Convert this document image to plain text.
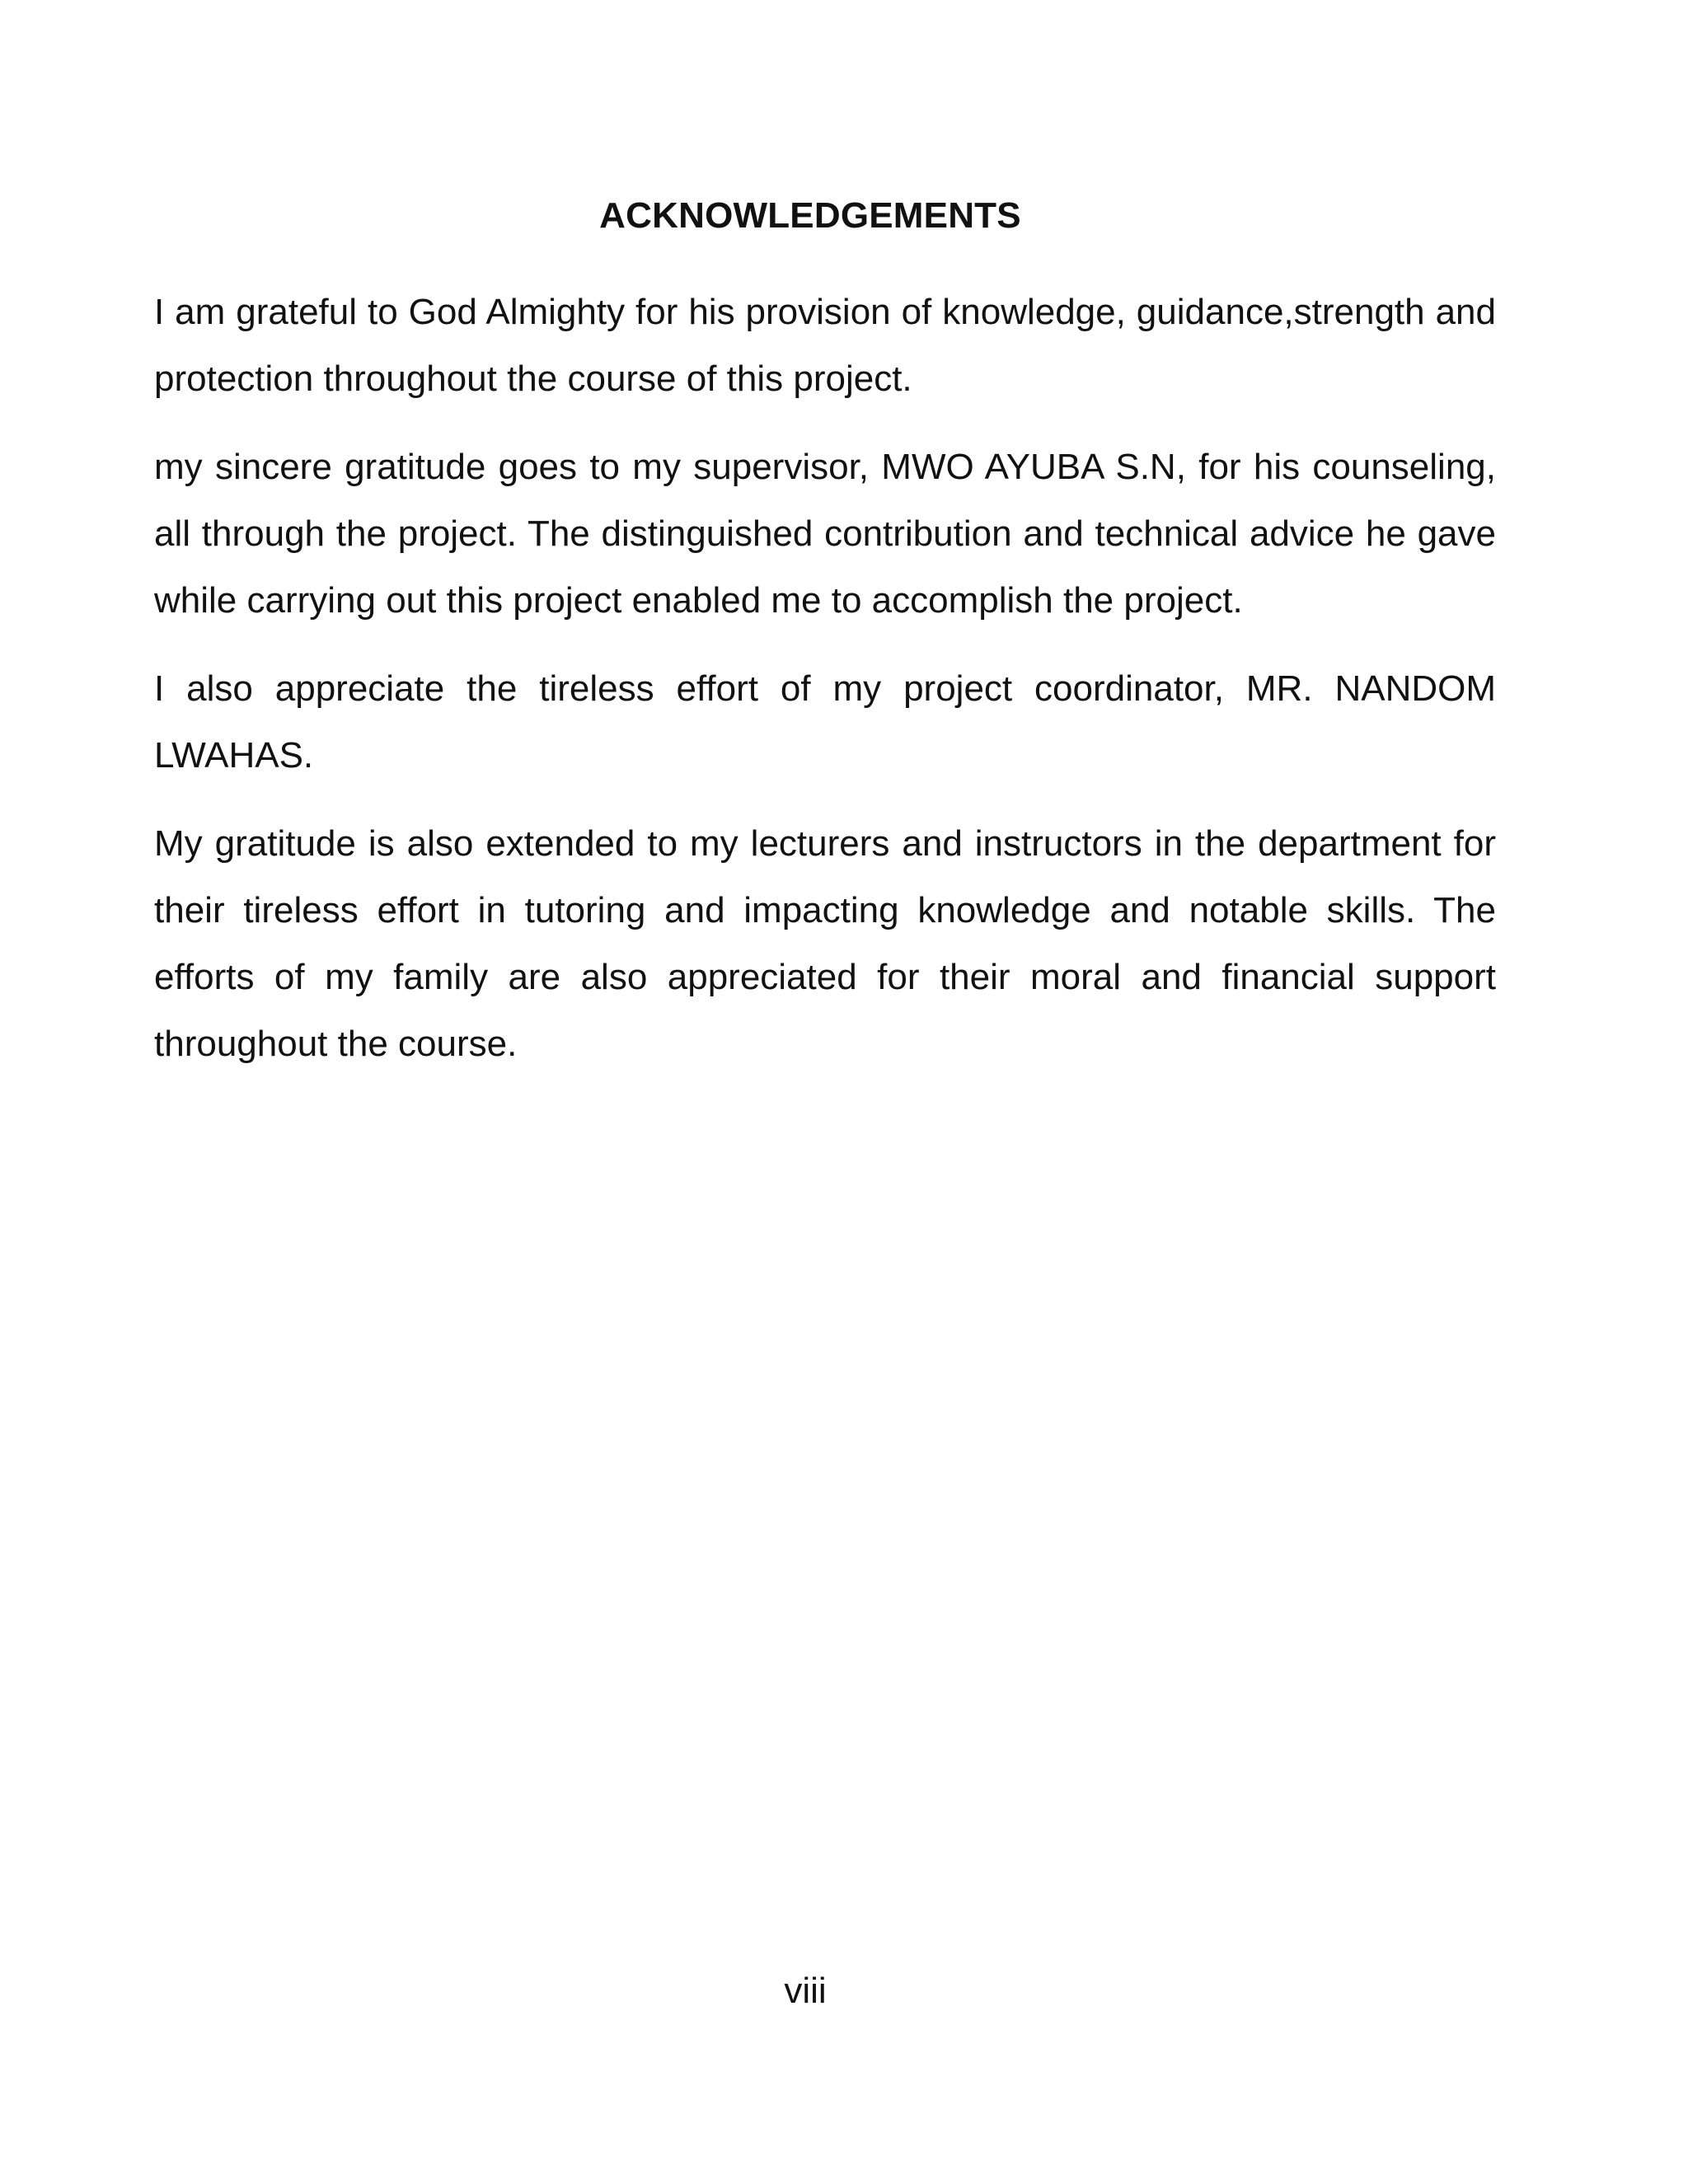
ACKNOWLEDGEMENTS

I am grateful to God Almighty for his provision of knowledge, guidance,strength and protection throughout the course of this project.

my sincere gratitude goes to my supervisor, MWO AYUBA S.N, for his counseling, all through the project. The distinguished contribution and technical advice he gave while carrying out this project enabled me to accomplish the project.

I also appreciate the tireless effort of my project coordinator, MR. NANDOM LWAHAS.

My gratitude is also extended to my lecturers and instructors in the department for their tireless effort in tutoring and impacting knowledge and notable skills. The efforts of my family are also appreciated for their moral and financial support throughout the course.

viii
